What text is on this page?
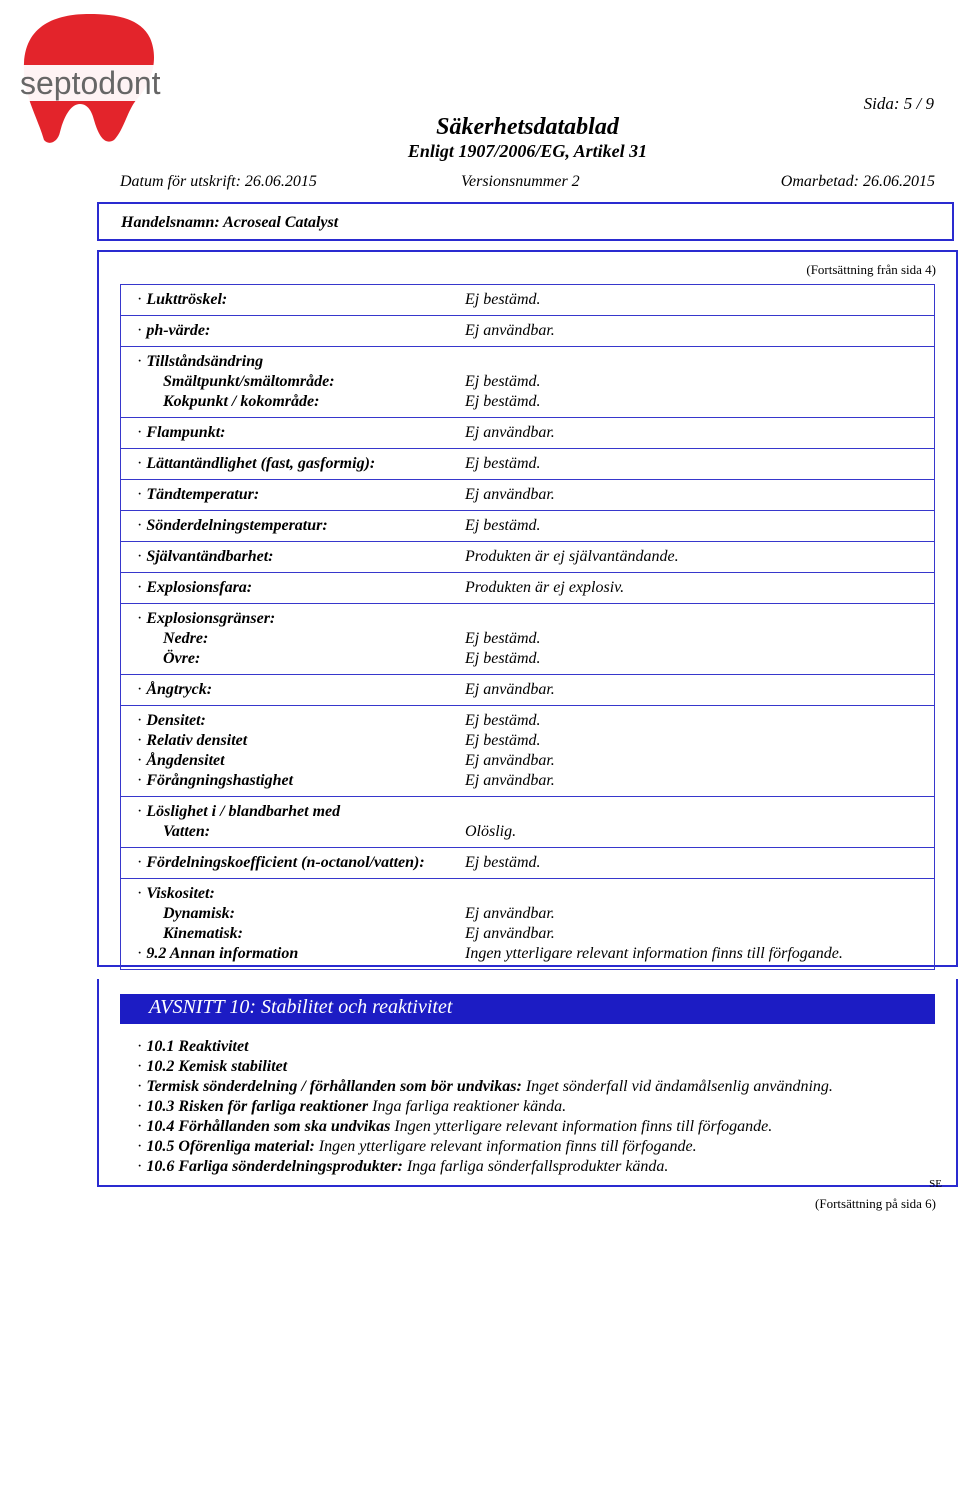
septodont
Sida: 5 / 9
Säkerhetsdatablad
Enligt 1907/2006/EG, Artikel 31
Datum för utskrift: 26.06.2015	Versionsnummer 2	Omarbetad: 26.06.2015
Handelsnamn: Acroseal Catalyst
(Fortsättning från sida 4)
· Lukttröskel:	Ej bestämd.
· ph-värde:	Ej användbar.
· Tillståndsändring
Smältpunkt/smältområde:	Ej bestämd.
Kokpunkt / kokområde:	Ej bestämd.
· Flampunkt:	Ej användbar.
· Lättantändlighet (fast, gasformig):	Ej bestämd.
· Tändtemperatur:	Ej användbar.
· Sönderdelningstemperatur:	Ej bestämd.
· Självantändbarhet:	Produkten är ej självantändande.
· Explosionsfara:	Produkten är ej explosiv.
· Explosionsgränser:
Nedre:	Ej bestämd.
Övre:	Ej bestämd.
· Ångtryck:	Ej användbar.
· Densitet:	Ej bestämd.
· Relativ densitet	Ej bestämd.
· Ångdensitet	Ej användbar.
· Förångningshastighet	Ej användbar.
· Löslighet i / blandbarhet med
Vatten:	Olöslig.
· Fördelningskoefficient (n-octanol/vatten):	Ej bestämd.
· Viskositet:
Dynamisk:	Ej användbar.
Kinematisk:	Ej användbar.
· 9.2 Annan information	Ingen ytterligare relevant information finns till förfogande.
AVSNITT 10: Stabilitet och reaktivitet
· 10.1 Reaktivitet
· 10.2 Kemisk stabilitet
· Termisk sönderdelning / förhållanden som bör undvikas: Inget sönderfall vid ändamålsenlig användning.
· 10.3 Risken för farliga reaktioner Inga farliga reaktioner kända.
· 10.4 Förhållanden som ska undvikas Ingen ytterligare relevant information finns till förfogande.
· 10.5 Oförenliga material: Ingen ytterligare relevant information finns till förfogande.
· 10.6 Farliga sönderdelningsprodukter: Inga farliga sönderfallsprodukter kända.
SE
(Fortsättning på sida 6)
